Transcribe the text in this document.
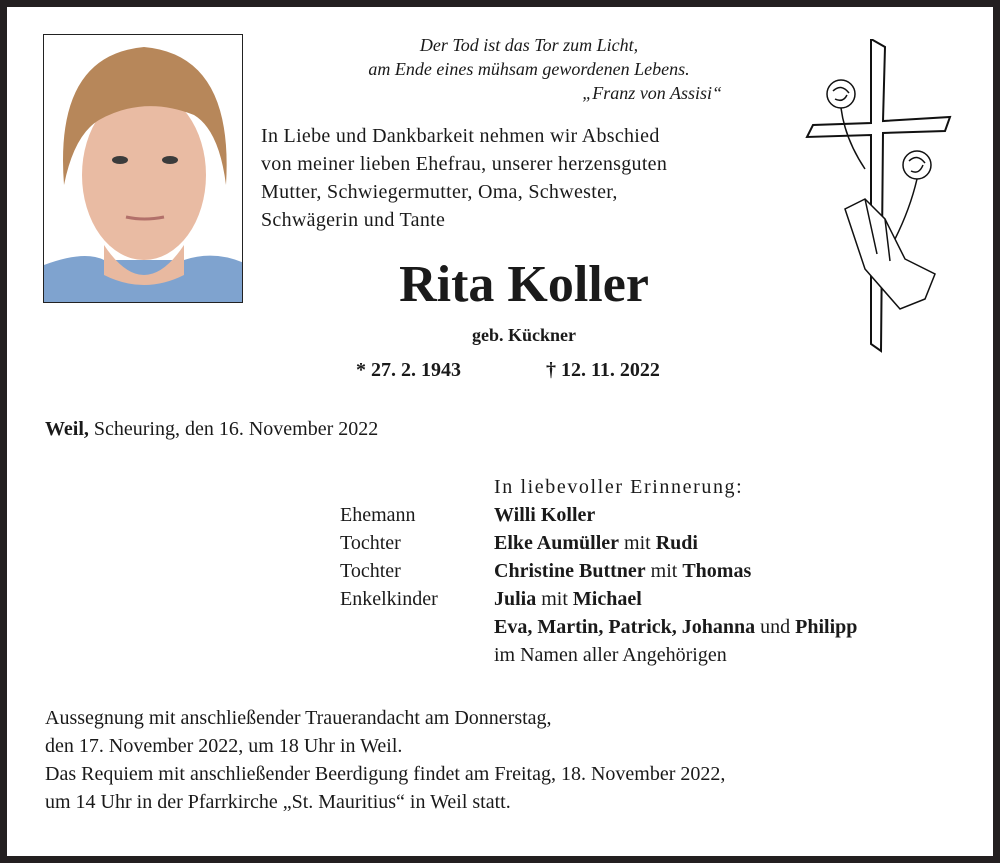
Der Tod ist das Tor zum Licht,
am Ende eines mühsam gewordenen Lebens.
„Franz von Assisi“
In Liebe und Dankbarkeit nehmen wir Abschied
von meiner lieben Ehefrau, unserer herzensguten
Mutter, Schwiegermutter, Oma, Schwester,
Schwägerin und Tante
Rita Koller
geb. Kückner
* 27. 2. 1943	† 12. 11. 2022
Weil, Scheuring, den 16. November 2022
In liebevoller Erinnerung:
Ehemann	Willi Koller
Tochter	Elke Aumüller mit Rudi
Tochter	Christine Buttner mit Thomas
Enkelkinder	Julia mit Michael
Eva, Martin, Patrick, Johanna und Philipp
im Namen aller Angehörigen
Aussegnung mit anschließender Trauerandacht am Donnerstag,
den 17. November 2022, um 18 Uhr in Weil.
Das Requiem mit anschließender Beerdigung findet am Freitag, 18. November 2022,
um 14 Uhr in der Pfarrkirche „St. Mauritius“ in Weil statt.
